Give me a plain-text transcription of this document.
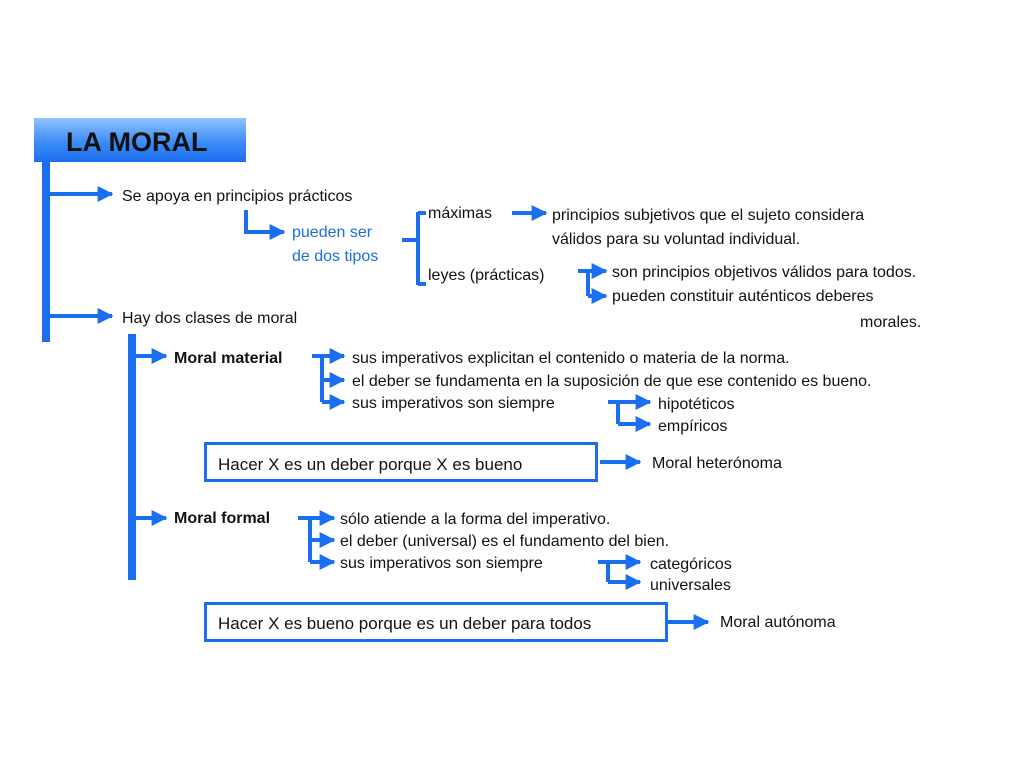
LA MORAL
Se apoya en principios prácticos
pueden ser
de dos tipos
máximas	principios subjetivos que el sujeto considera
válidos para su voluntad individual.
leyes (prácticas)	son principios objetivos válidos para todos.
pueden constituir auténticos deberes
morales.
Hay dos clases de moral
Moral material	sus imperativos explicitan el contenido o materia de la norma.
el deber se fundamenta en la suposición de que ese contenido es bueno.
sus imperativos son siempre	hipotéticos
empíricos
Hacer X es un deber porque X es bueno	Moral heterónoma
Moral formal	sólo atiende a la forma del imperativo.
el deber (universal) es el fundamento del bien.
sus imperativos son siempre	categóricos
universales
Hacer X es bueno porque es un deber para todos	Moral autónoma
